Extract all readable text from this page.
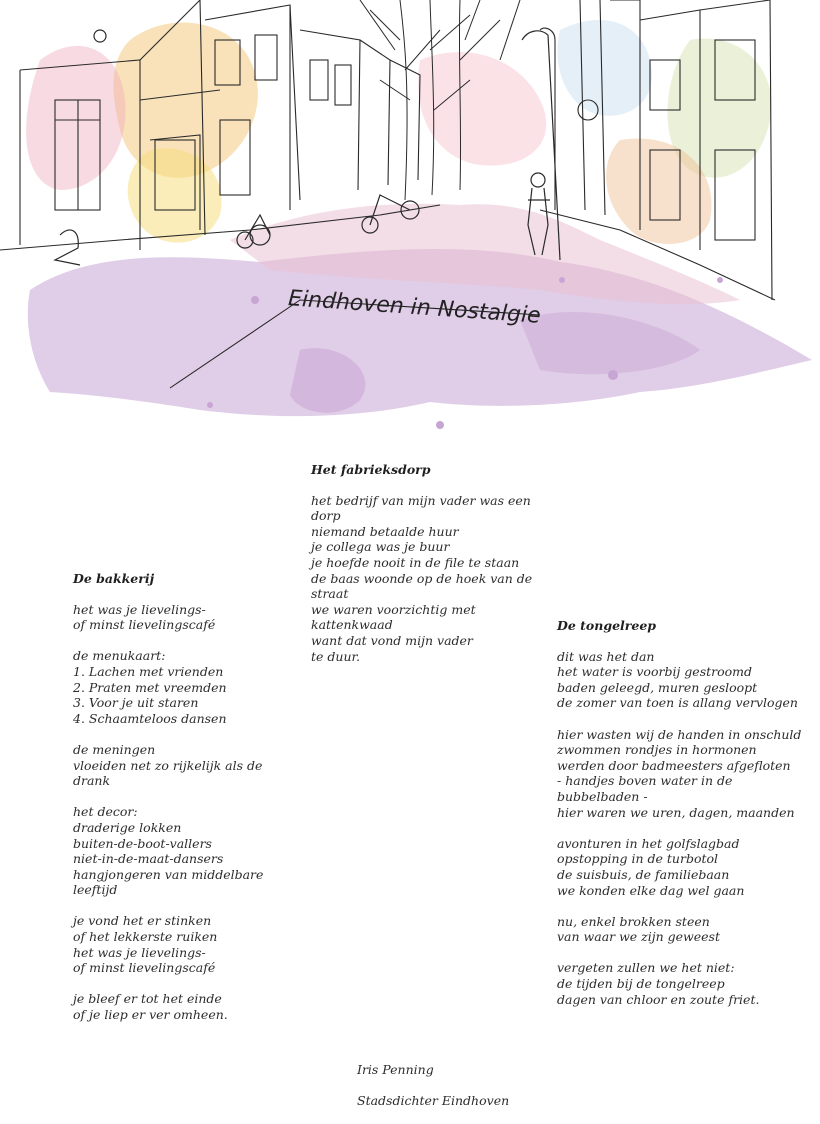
Eindhoven in Nostalgie
De bakkerij

het was je lievelings-
of minst lievelingscafé

de menukaart:
1. Lachen met vrienden
2. Praten met vreemden
3. Voor je uit staren
4. Schaamteloos dansen

de meningen
vloeiden net zo rijkelijk als de drank

het decor:
draderige lokken
buiten-de-boot-vallers
niet-in-de-maat-dansers
hangjongeren van middelbare leeftijd

je vond het er stinken
of het lekkerste ruiken
het was je lievelings-
of minst lievelingscafé

je bleef er tot het einde
of je liep er ver omheen.

Het fabrieksdorp

het bedrijf van mijn vader was een dorp
niemand betaalde huur
je collega was je buur
je hoefde nooit in de file te staan
de baas woonde op de hoek van de straat
we waren voorzichtig met kattenkwaad
want dat vond mijn vader
te duur.

De tongelreep

dit was het dan
het water is voorbij gestroomd
baden geleegd, muren gesloopt
de zomer van toen is allang vervlogen

hier wasten wij de handen in onschuld
zwommen rondjes in hormonen
werden door badmeesters afgefloten
- handjes boven water in de bubbelbaden -
hier waren we uren, dagen, maanden

avonturen in het golfslagbad
opstopping in de turbotol
de suisbuis, de familiebaan
we konden elke dag wel gaan

nu, enkel brokken steen
van waar we zijn geweest

vergeten zullen we het niet:
de tijden bij de tongelreep
dagen van chloor en zoute friet.

Iris Penning

Stadsdichter Eindhoven
